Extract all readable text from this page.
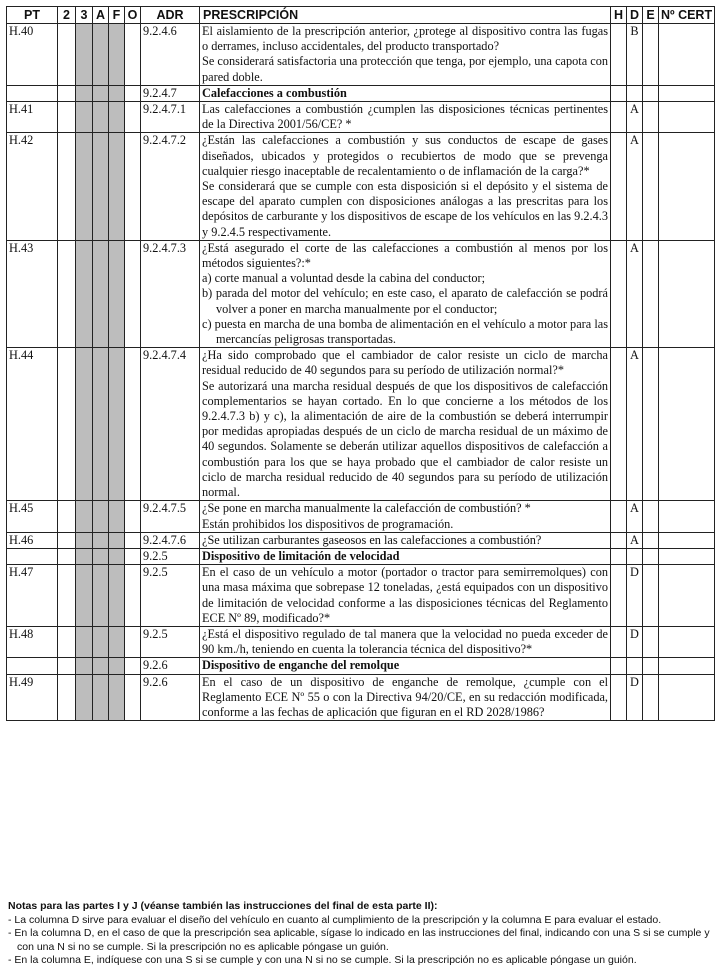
PT	2	3	A	F	O	ADR	PRESCRIPCIÓN	H	D	E	Nº CERT
H.40						9.2.4.6	El aislamiento de la prescripción anterior, ¿protege al dispositivo contra las fugas o derrames, incluso accidentales, del producto transportado?

Se considerará satisfactoria una protección que tenga, por ejemplo, una capota con pared doble.		B		
						9.2.4.7	Calefacciones a combustión				

H.41						9.2.4.7.1	Las calefacciones a combustión ¿cumplen las disposiciones técnicas pertinentes de la Directiva 2001/56/CE? *		A		
H.42						9.2.4.7.2	¿Están las calefacciones a combustión y sus conductos de escape de gases diseñados, ubicados y protegidos o recubiertos de modo que se prevenga cualquier riesgo inaceptable de recalentamiento o de inflamación de la carga?*

Se considerará que se cumple con esta disposición si el depósito y el sistema de escape del aparato cumplen con disposiciones análogas a las prescritas para los depósitos de carburante y los dispositivos de escape de los vehículos en las 9.2.4.3 y 9.2.4.5 respectivamente.		A		
H.43						9.2.4.7.3	¿Está asegurado el corte de las calefacciones a combustión al menos por los métodos siguientes?:*

a) corte manual a voluntad desde la cabina del conductor;

b) parada del motor del vehículo; en este caso, el aparato de calefacción se podrá volver a poner en marcha manualmente por el conductor;

c) puesta en marcha de una bomba de alimentación en el vehículo a motor para las mercancías peligrosas transportadas.		A		
H.44						9.2.4.7.4	¿Ha sido comprobado que el cambiador de calor resiste un ciclo de marcha residual reducido de 40 segundos para su período de utilización normal?*

Se autorizará una marcha residual después de que los dispositivos de calefacción complementarios se hayan cortado. En lo que concierne a los métodos de los 9.2.4.7.3 b) y c), la alimentación de aire de la combustión se deberá interrumpir por medidas apropiadas después de un ciclo de marcha residual de un máximo de 40 segundos. Solamente se deberán utilizar aquellos dispositivos de calefacción a combustión para los que se haya probado que el cambiador de calor resiste un ciclo de marcha residual reducido de 40 segundos para su período de utilización normal.		A		
H.45						9.2.4.7.5	¿Se pone en marcha manualmente la calefacción de combustión? *

Están prohibidos los dispositivos de programación.		A		
H.46						9.2.4.7.6	¿Se utilizan carburantes gaseosos en las calefacciones a combustión?		A		
						9.2.5	Dispositivo de limitación de velocidad				

H.47						9.2.5	En el caso de un vehículo a motor (portador o tractor para semirremolques) con una masa máxima que sobrepase 12 toneladas, ¿está equipados con un dispositivo de limitación de velocidad conforme a las disposiciones técnicas del Reglamento ECE Nº 89, modificado?*		D		
H.48						9.2.5	¿Está el dispositivo regulado de tal manera que la velocidad no pueda exceder de 90 km./h, teniendo en cuenta la tolerancia técnica del dispositivo?*		D		
						9.2.6	Dispositivo de enganche del remolque				

H.49						9.2.6	En el caso de un dispositivo de enganche de remolque, ¿cumple con el Reglamento ECE Nº 55 o con la Directiva 94/20/CE, en su redacción modificada, conforme a las fechas de aplicación que figuran en el RD 2028/1986?		D		
Notas para las partes I y J (véanse también las instrucciones del final de esta parte II):
- La columna D sirve para evaluar el diseño del vehículo en cuanto al cumplimiento de la prescripción y la columna E para evaluar el estado.
- En la columna D, en el caso de que la prescripción sea aplicable, sígase lo indicado en las instrucciones del final, indicando con una S si se cumple y con una N si no se cumple. Si la prescripción no es aplicable póngase un guión.
- En la columna E, indíquese con una S si se cumple y con una N si no se cumple. Si la prescripción no es aplicable póngase un guión.
